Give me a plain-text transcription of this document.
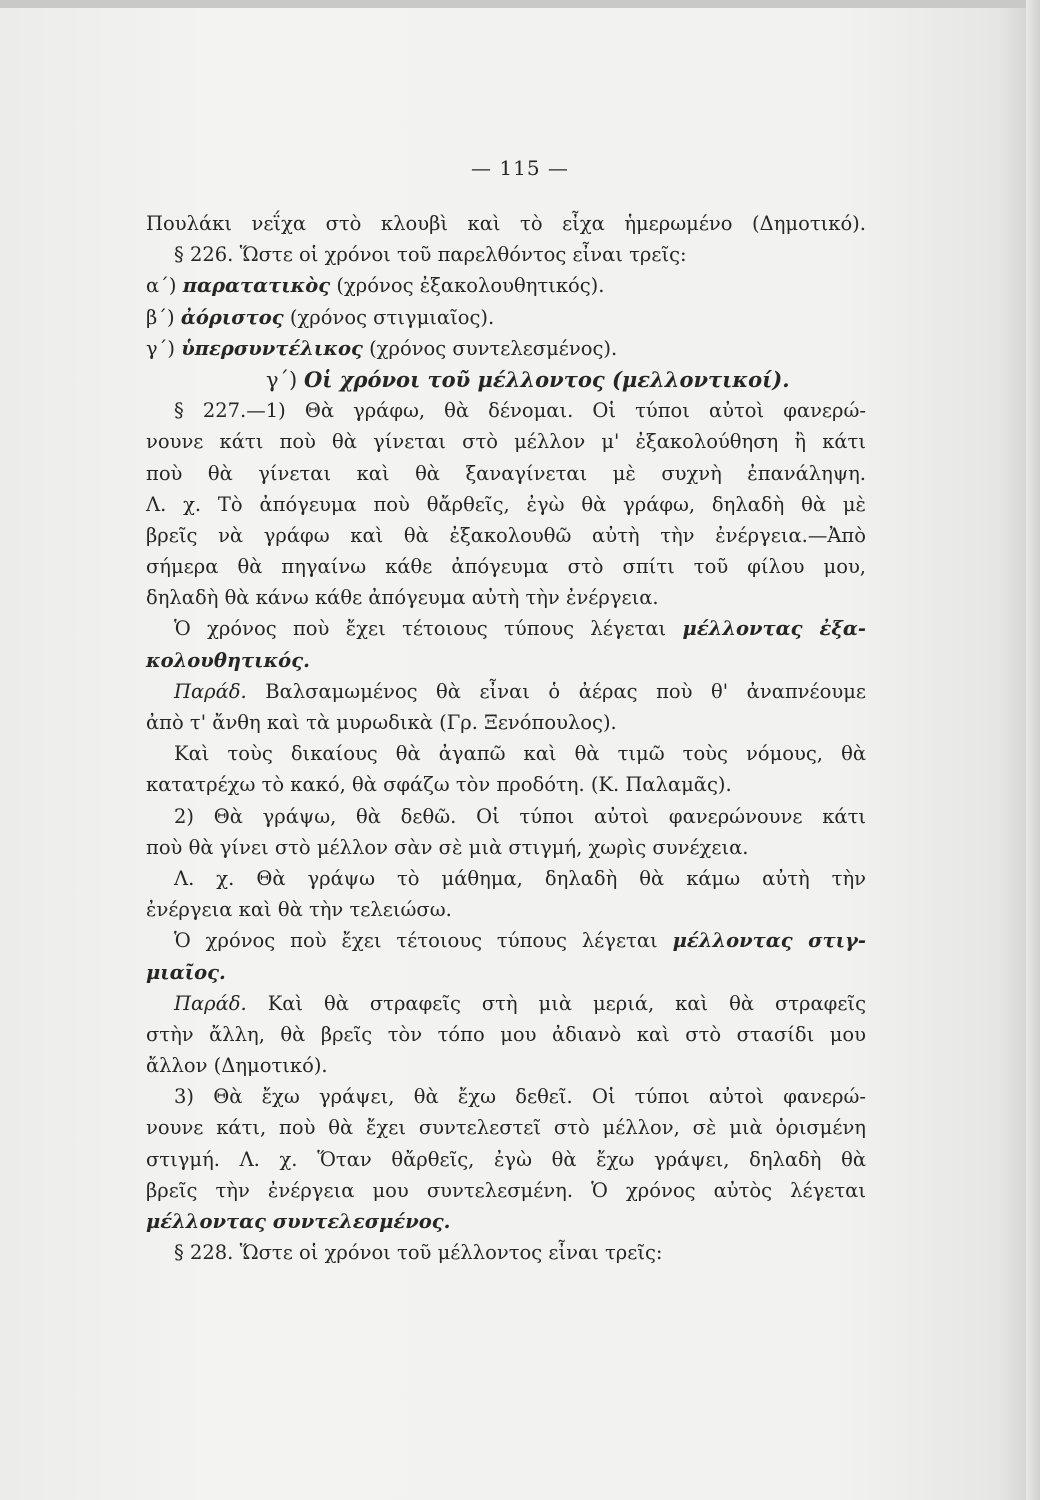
— 115 —
Πουλάκι νεΐχα στὸ κλουβὶ καὶ τὸ εἶχα ἡμερωμένο (Δημοτικό).
§ 226. Ὥστε οἱ χρόνοι τοῦ παρελθόντος εἶναι τρεῖς:
α΄) παρατατικὸς (χρόνος ἐξακολουθητικός).
β΄) ἀόριστος (χρόνος στιγμιαῖος).
γ΄) ὑπερσυντέλικος (χρόνος συντελεσμένος).
γ΄) Οἱ χρόνοι τοῦ μέλλοντος (μελλοντικοί).
§ 227.—1) Θὰ γράφω, θὰ δένομαι. Οἱ τύποι αὐτοὶ φανερώ-
νουνε κάτι ποὺ θὰ γίνεται στὸ μέλλον μ' ἐξακολούθηση ἢ κάτι
ποὺ θὰ γίνεται καὶ θὰ ξαναγίνεται μὲ συχνὴ ἐπανάληψη.
Λ. χ. Τὸ ἀπόγευμα ποὺ θἄρθεῖς, ἐγὼ θὰ γράφω, δηλαδὴ θὰ μὲ
βρεῖς νὰ γράφω καὶ θὰ ἐξακολουθῶ αὐτὴ τὴν ἐνέργεια.—Ἀπὸ
σήμερα θὰ πηγαίνω κάθε ἀπόγευμα στὸ σπίτι τοῦ φίλου μου,
δηλαδὴ θὰ κάνω κάθε ἀπόγευμα αὐτὴ τὴν ἐνέργεια.
Ὁ χρόνος ποὺ ἔχει τέτοιους τύπους λέγεται μέλλοντας ἐξα-
κολουθητικός.
Παράδ. Βαλσαμωμένος θὰ εἶναι ὁ ἀέρας ποὺ θ' ἀναπνέουμε
ἀπὸ τ' ἄνθη καὶ τὰ μυρωδικὰ (Γρ. Ξενόπουλος).
Καὶ τοὺς δικαίους θὰ ἀγαπῶ καὶ θὰ τιμῶ τοὺς νόμους, θὰ
κατατρέχω τὸ κακό, θὰ σφάζω τὸν προδότη. (Κ. Παλαμᾶς).
2) Θὰ γράψω, θὰ δεθῶ. Οἱ τύποι αὐτοὶ φανερώνουνε κάτι
ποὺ θὰ γίνει στὸ μέλλον σὰν σὲ μιὰ στιγμή, χωρὶς συνέχεια.
Λ. χ. Θὰ γράψω τὸ μάθημα, δηλαδὴ θὰ κάμω αὐτὴ τὴν
ἐνέργεια καὶ θὰ τὴν τελειώσω.
Ὁ χρόνος ποὺ ἔχει τέτοιους τύπους λέγεται μέλλοντας στιγ-
μιαῖος.
Παράδ. Καὶ θὰ στραφεῖς στὴ μιὰ μεριά, καὶ θὰ στραφεῖς
στὴν ἄλλη, θὰ βρεῖς τὸν τόπο μου ἀδιανὸ καὶ στὸ στασίδι μου
ἄλλον (Δημοτικό).
3) Θὰ ἔχω γράψει, θὰ ἔχω δεθεῖ. Οἱ τύποι αὐτοὶ φανερώ-
νουνε κάτι, ποὺ θὰ ἔχει συντελεστεῖ στὸ μέλλον, σὲ μιὰ ὁρισμένη
στιγμή. Λ. χ. Ὅταν θἄρθεῖς, ἐγὼ θὰ ἔχω γράψει, δηλαδὴ θὰ
βρεῖς τὴν ἐνέργεια μου συντελεσμένη. Ὁ χρόνος αὐτὸς λέγεται
μέλλοντας συντελεσμένος.
§ 228. Ὥστε οἱ χρόνοι τοῦ μέλλοντος εἶναι τρεῖς:
